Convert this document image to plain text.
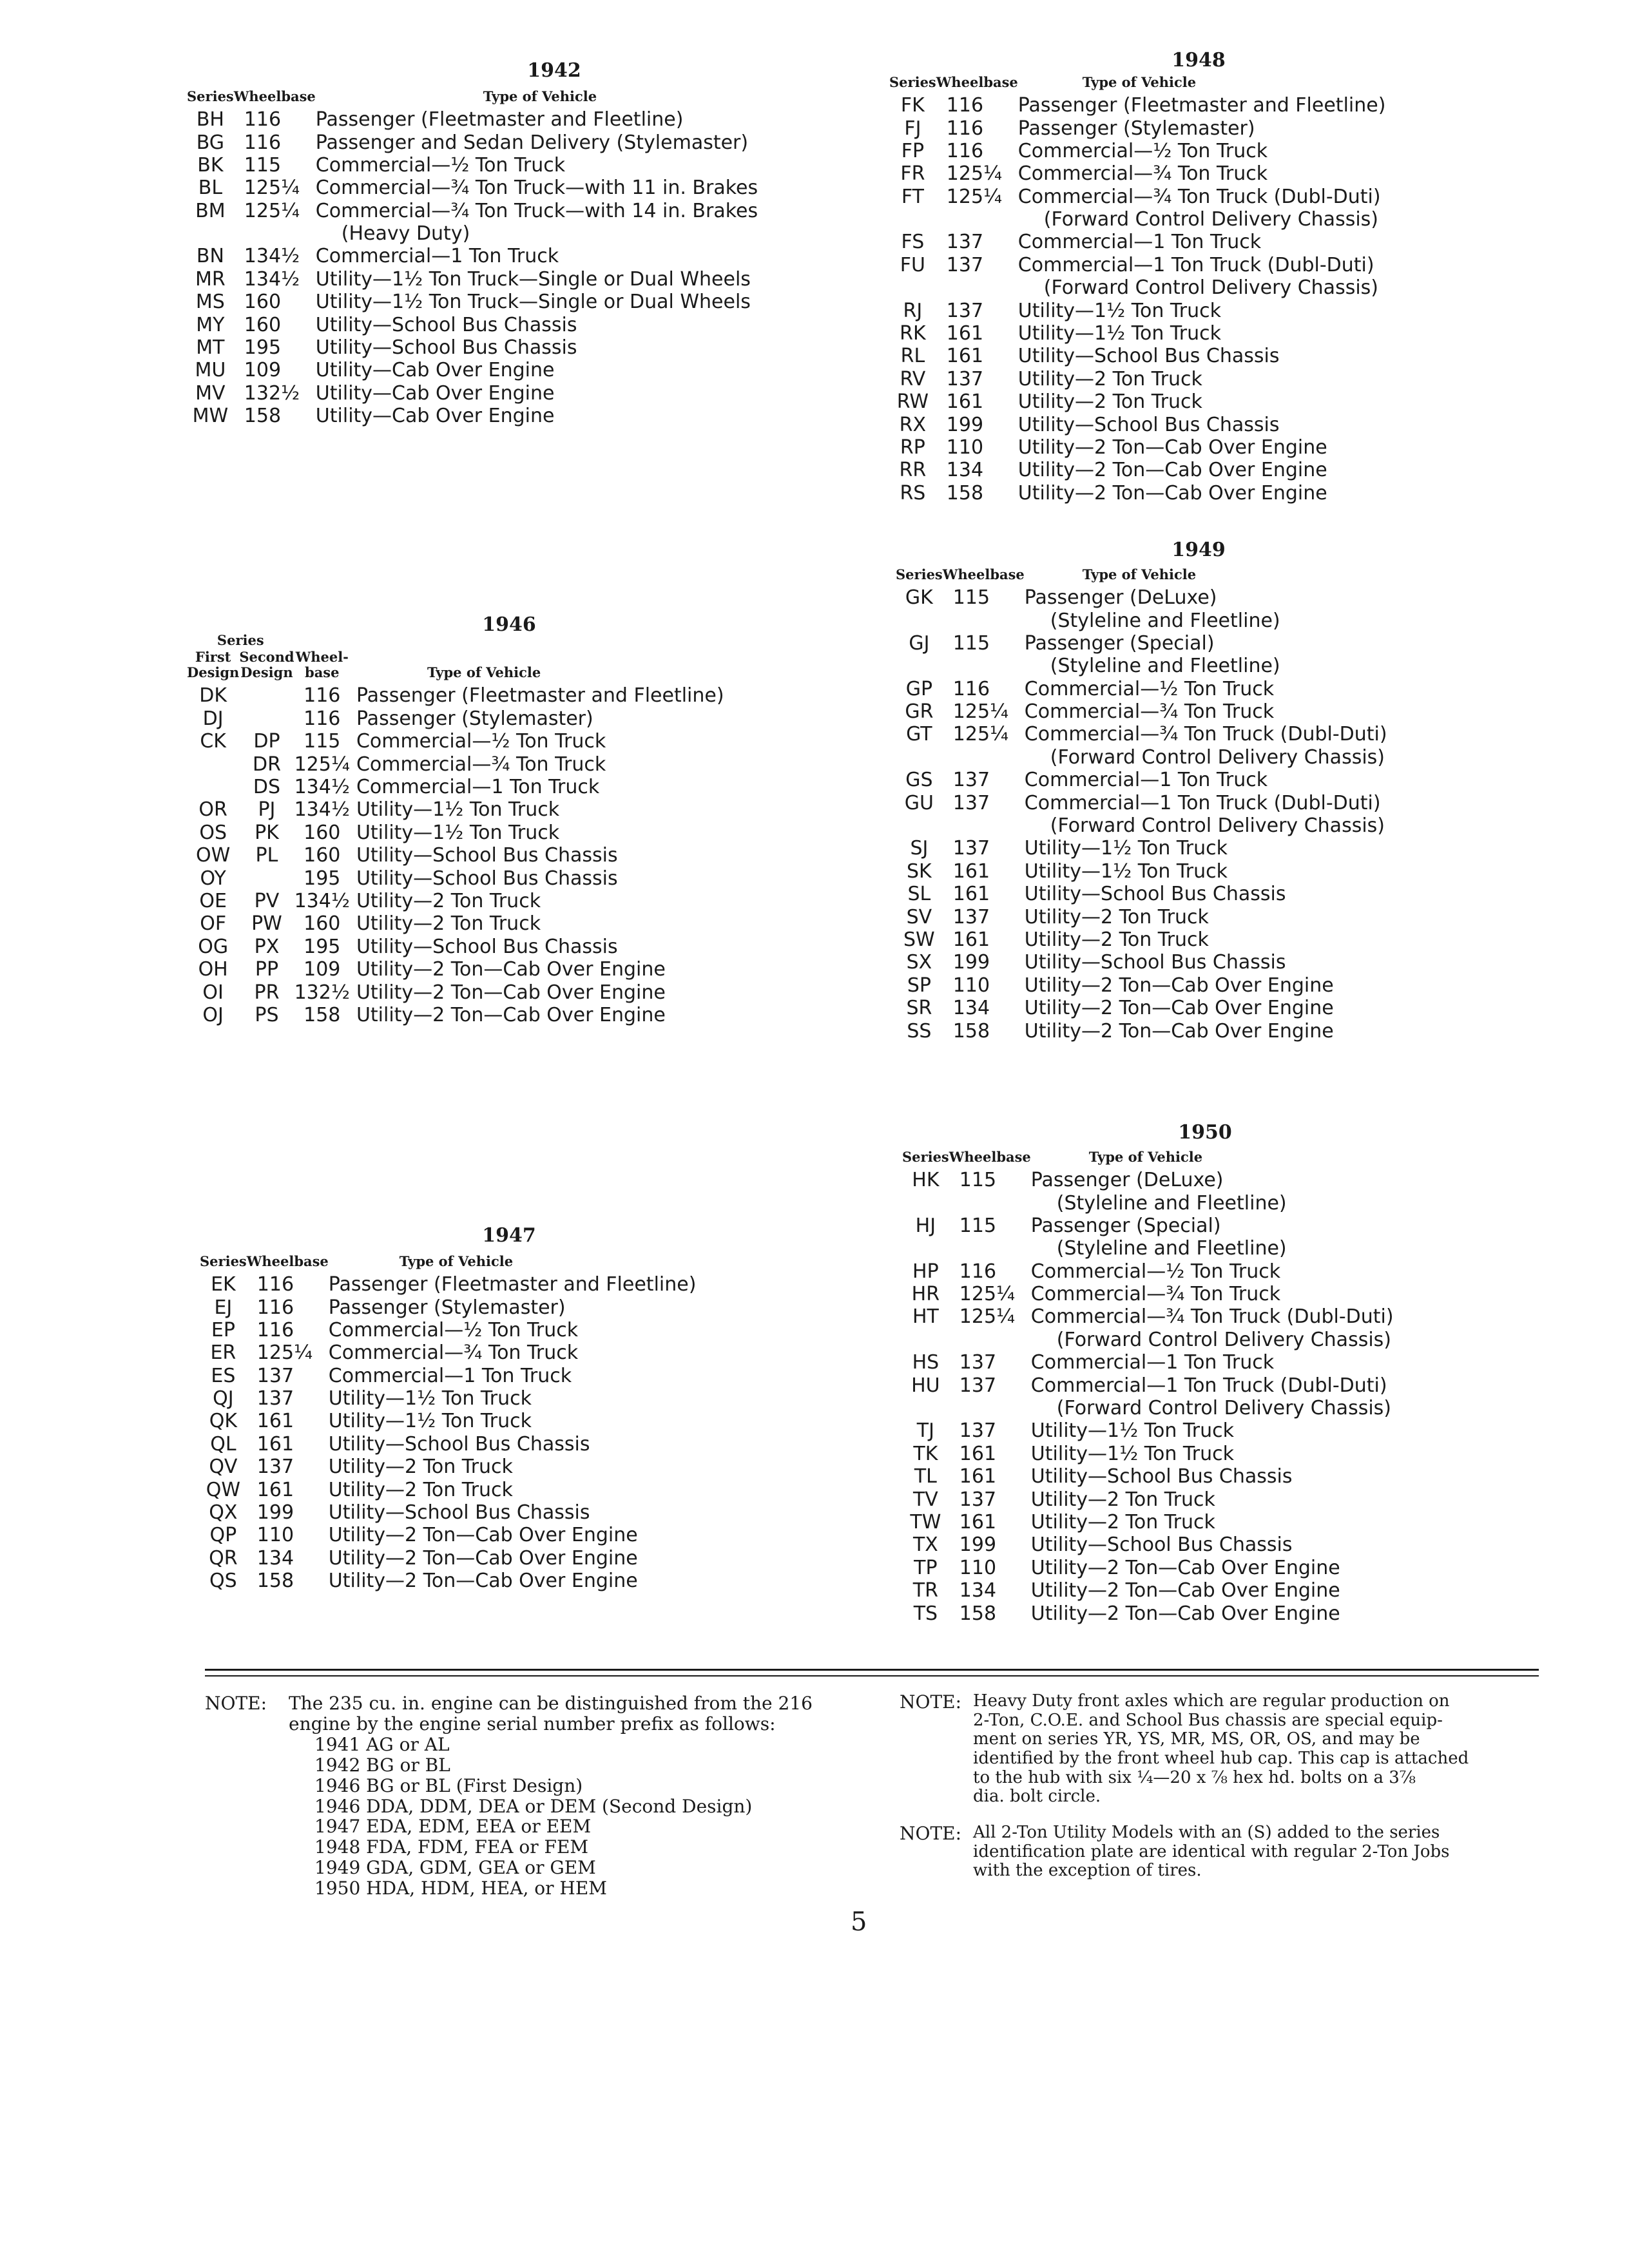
1942
Series	Wheelbase	Type of Vehicle
BH	116	Passenger (Fleetmaster and Fleetline)

BG	116	Passenger and Sedan Delivery (Stylemaster)

BK	115	Commercial—½ Ton Truck

BL	125¼	Commercial—¾ Ton Truck—with 11 in. Brakes

BM	125¼	Commercial—¾ Ton Truck—with 14 in. Brakes
(Heavy Duty)

BN	134½	Commercial—1 Ton Truck

MR	134½	Utility—1½ Ton Truck—Single or Dual Wheels

MS	160	Utility—1½ Ton Truck—Single or Dual Wheels

MY	160	Utility—School Bus Chassis

MT	195	Utility—School Bus Chassis

MU	109	Utility—Cab Over Engine

MV	132½	Utility—Cab Over Engine

MW	158	Utility—Cab Over Engine
1946
Series			
First Design	Second Design	Wheel-base	Type of Vehicle
DK		116	Passenger (Fleetmaster and Fleetline)

DJ		116	Passenger (Stylemaster)

CK	DP	115	Commercial—½ Ton Truck

	DR	125¼	Commercial—¾ Ton Truck

	DS	134½	Commercial—1 Ton Truck

OR	PJ	134½	Utility—1½ Ton Truck

OS	PK	160	Utility—1½ Ton Truck

OW	PL	160	Utility—School Bus Chassis

OY		195	Utility—School Bus Chassis

OE	PV	134½	Utility—2 Ton Truck

OF	PW	160	Utility—2 Ton Truck

OG	PX	195	Utility—School Bus Chassis

OH	PP	109	Utility—2 Ton—Cab Over Engine

OI	PR	132½	Utility—2 Ton—Cab Over Engine

OJ	PS	158	Utility—2 Ton—Cab Over Engine
1947
Series	Wheelbase	Type of Vehicle
EK	116	Passenger (Fleetmaster and Fleetline)

EJ	116	Passenger (Stylemaster)

EP	116	Commercial—½ Ton Truck

ER	125¼	Commercial—¾ Ton Truck

ES	137	Commercial—1 Ton Truck

QJ	137	Utility—1½ Ton Truck

QK	161	Utility—1½ Ton Truck

QL	161	Utility—School Bus Chassis

QV	137	Utility—2 Ton Truck

QW	161	Utility—2 Ton Truck

QX	199	Utility—School Bus Chassis

QP	110	Utility—2 Ton—Cab Over Engine

QR	134	Utility—2 Ton—Cab Over Engine

QS	158	Utility—2 Ton—Cab Over Engine
1948
Series	Wheelbase	Type of Vehicle
FK	116	Passenger (Fleetmaster and Fleetline)

FJ	116	Passenger (Stylemaster)

FP	116	Commercial—½ Ton Truck

FR	125¼	Commercial—¾ Ton Truck

FT	125¼	Commercial—¾ Ton Truck (Dubl-Duti)
(Forward Control Delivery Chassis)

FS	137	Commercial—1 Ton Truck

FU	137	Commercial—1 Ton Truck (Dubl-Duti)
(Forward Control Delivery Chassis)

RJ	137	Utility—1½ Ton Truck

RK	161	Utility—1½ Ton Truck

RL	161	Utility—School Bus Chassis

RV	137	Utility—2 Ton Truck

RW	161	Utility—2 Ton Truck

RX	199	Utility—School Bus Chassis

RP	110	Utility—2 Ton—Cab Over Engine

RR	134	Utility—2 Ton—Cab Over Engine

RS	158	Utility—2 Ton—Cab Over Engine
1949
Series	Wheelbase	Type of Vehicle
GK	115	Passenger (DeLuxe)
(Styleline and Fleetline)

GJ	115	Passenger (Special)
(Styleline and Fleetline)

GP	116	Commercial—½ Ton Truck

GR	125¼	Commercial—¾ Ton Truck

GT	125¼	Commercial—¾ Ton Truck (Dubl-Duti)
(Forward Control Delivery Chassis)

GS	137	Commercial—1 Ton Truck

GU	137	Commercial—1 Ton Truck (Dubl-Duti)
(Forward Control Delivery Chassis)

SJ	137	Utility—1½ Ton Truck

SK	161	Utility—1½ Ton Truck

SL	161	Utility—School Bus Chassis

SV	137	Utility—2 Ton Truck

SW	161	Utility—2 Ton Truck

SX	199	Utility—School Bus Chassis

SP	110	Utility—2 Ton—Cab Over Engine

SR	134	Utility—2 Ton—Cab Over Engine

SS	158	Utility—2 Ton—Cab Over Engine
1950
Series	Wheelbase	Type of Vehicle
HK	115	Passenger (DeLuxe)
(Styleline and Fleetline)

HJ	115	Passenger (Special)
(Styleline and Fleetline)

HP	116	Commercial—½ Ton Truck

HR	125¼	Commercial—¾ Ton Truck

HT	125¼	Commercial—¾ Ton Truck (Dubl-Duti)
(Forward Control Delivery Chassis)

HS	137	Commercial—1 Ton Truck

HU	137	Commercial—1 Ton Truck (Dubl-Duti)
(Forward Control Delivery Chassis)

TJ	137	Utility—1½ Ton Truck

TK	161	Utility—1½ Ton Truck

TL	161	Utility—School Bus Chassis

TV	137	Utility—2 Ton Truck

TW	161	Utility—2 Ton Truck

TX	199	Utility—School Bus Chassis

TP	110	Utility—2 Ton—Cab Over Engine

TR	134	Utility—2 Ton—Cab Over Engine

TS	158	Utility—2 Ton—Cab Over Engine
NOTE: The 235 cu. in. engine can be distinguished from the 216
engine by the engine serial number prefix as follows:
1941 AG or AL
1942 BG or BL
1946 BG or BL (First Design)
1946 DDA, DDM, DEA or DEM (Second Design)
1947 EDA, EDM, EEA or EEM
1948 FDA, FDM, FEA or FEM
1949 GDA, GDM, GEA or GEM
1950 HDA, HDM, HEA, or HEM
NOTE: Heavy Duty front axles which are regular production on
2-Ton, C.O.E. and School Bus chassis are special equip-
ment on series YR, YS, MR, MS, OR, OS, and may be
identified by the front wheel hub cap. This cap is attached
to the hub with six ¼—20 x ⅞ hex hd. bolts on a 3⅞
dia. bolt circle.
NOTE: All 2-Ton Utility Models with an (S) added to the series
identification plate are identical with regular 2-Ton Jobs
with the exception of tires.
5
